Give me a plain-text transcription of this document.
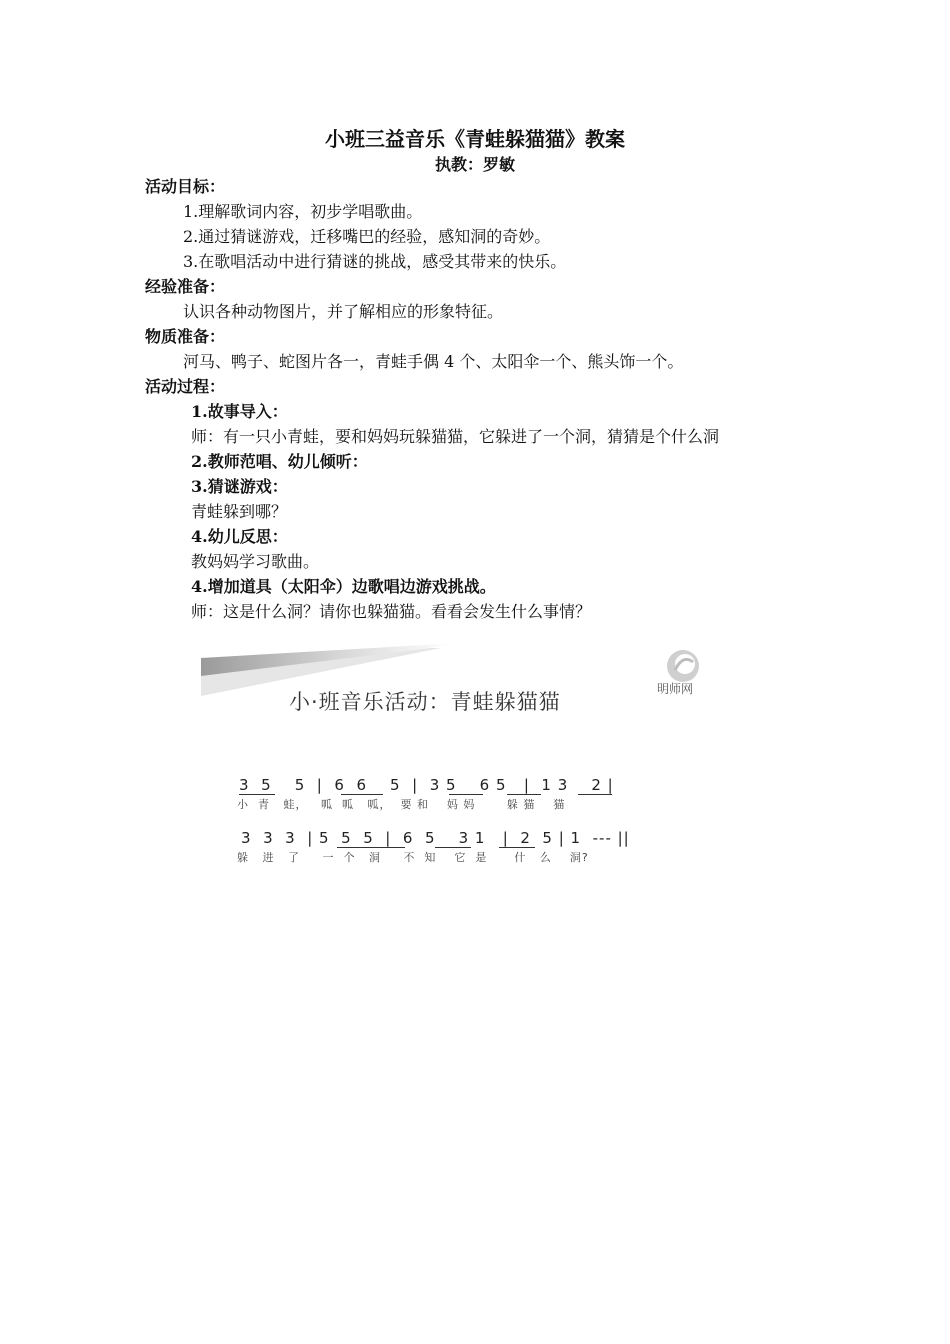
小班三益音乐《青蛙躲猫猫》教案
执教：罗敏
活动目标：
1.理解歌词内容，初步学唱歌曲。
2.通过猜谜游戏，迁移嘴巴的经验，感知洞的奇妙。
3.在歌唱活动中进行猜谜的挑战，感受其带来的快乐。
经验准备：
认识各种动物图片，并了解相应的形象特征。
物质准备：
河马、鸭子、蛇图片各一，青蛙手偶 4 个、太阳伞一个、熊头饰一个。
活动过程：
1.故事导入：
师：有一只小青蛙，要和妈妈玩躲猫猫，它躲进了一个洞，猜猜是个什么洞
2.教师范唱、幼儿倾听：
3.猜谜游戏：
青蛙躲到哪？
4.幼儿反思：
教妈妈学习歌曲。
4.增加道具（太阳伞）边歌唱边游戏挑战。
师：这是什么洞？请你也躲猫猫。看看会发生什么事情？
明师网
小·班音乐活动：青蛙躲猫猫
3  5    5  |  6  6    5  |  3 5    6 5   |  1 3    2 |
小  青   蛙，   呱  呱   呱，  要 和    妈 妈       躲 猫    猫
3  3  3  | 5  5  5  |  6  5    3 1   |  2  5 | 1  --- ||
躲   进   了     一  个   洞     不  知    它  是      什   么    洞?
